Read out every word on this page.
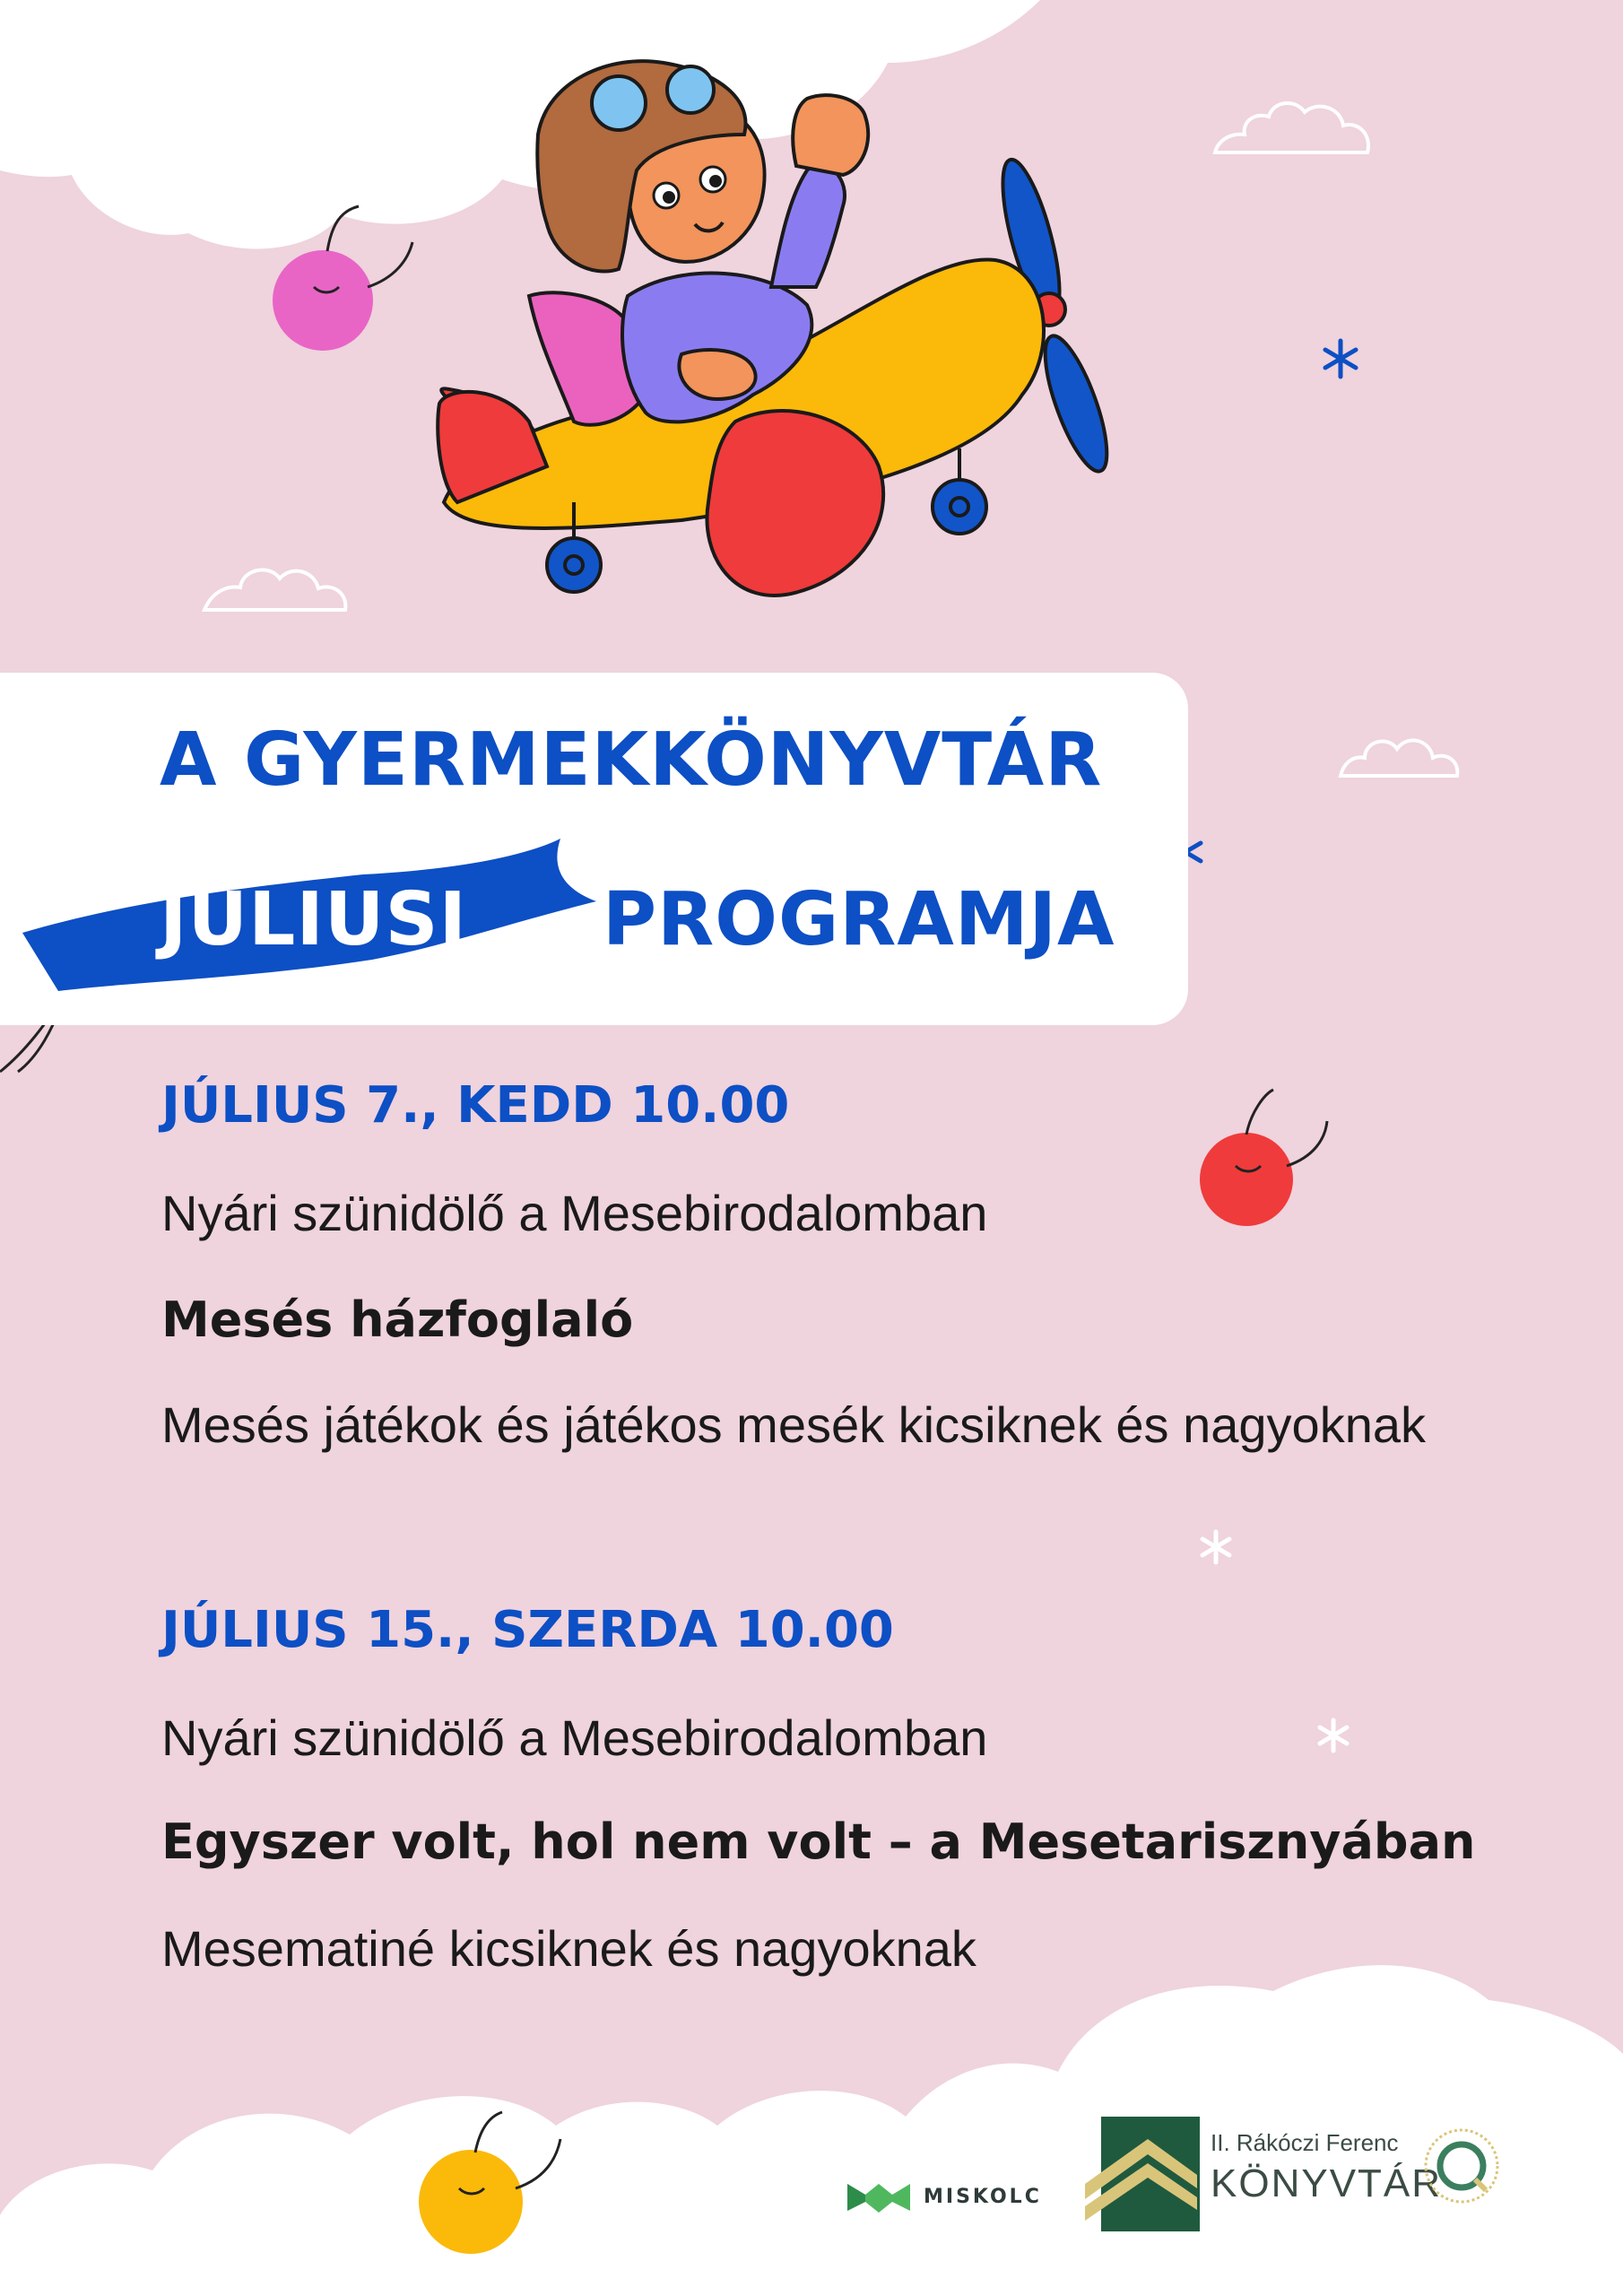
A GYERMEKKÖNYVTÁR
JÚLIUSI PROGRAMJA
JÚLIUS 7., KEDD 10.00
Nyári szünidölő a Mesebirodalomban
Mesés házfoglaló
Mesés játékok és játékos mesék kicsiknek és nagyoknak
JÚLIUS 15., SZERDA 10.00
Nyári szünidölő a Mesebirodalomban
Egyszer volt, hol nem volt – a Mesetarisznyában
Mesematiné kicsiknek és nagyoknak
MISKOLC
II. Rákóczi Ferenc
KÖNYVTÁR
